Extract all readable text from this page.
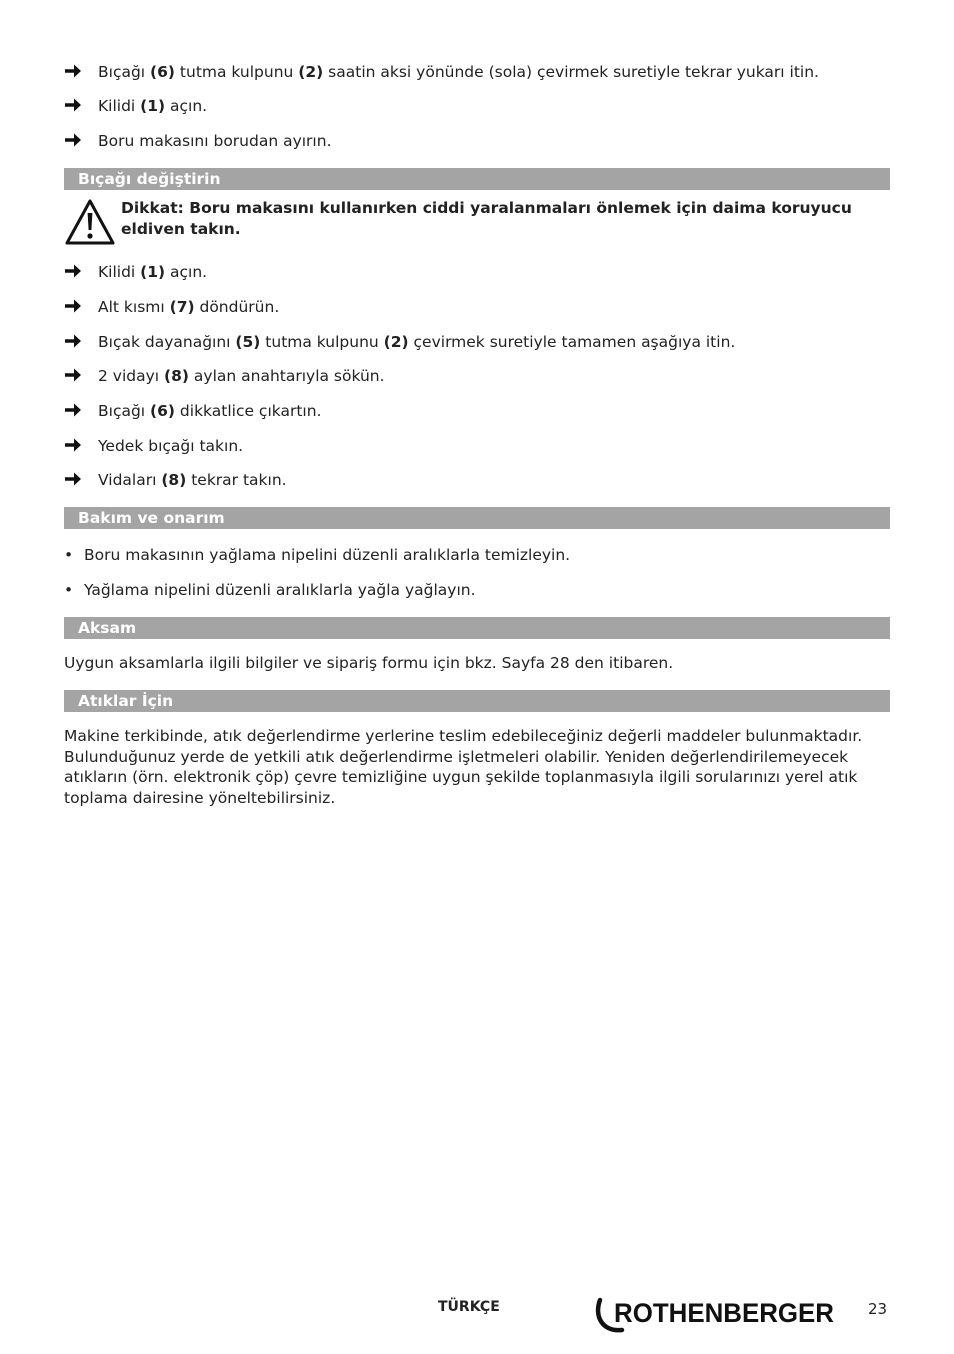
Bıçağı (6) tutma kulpunu (2) saatin aksi yönünde (sola) çevirmek suretiyle tekrar yukarı itin.
Kilidi (1) açın.
Boru makasını borudan ayırın.
Bıçağı değiştirin
Dikkat: Boru makasını kullanırken ciddi yaralanmaları önlemek için daima koruyucu eldiven takın.
Kilidi (1) açın.
Alt kısmı (7) döndürün.
Bıçak dayanağını (5) tutma kulpunu (2) çevirmek suretiyle tamamen aşağıya itin.
2 vidayı (8) aylan anahtarıyla sökün.
Bıçağı (6) dikkatlice çıkartın.
Yedek bıçağı takın.
Vidaları (8) tekrar takın.
Bakım ve onarım
• Boru makasının yağlama nipelini düzenli aralıklarla temizleyin.
• Yağlama nipelini düzenli aralıklarla yağla yağlayın.
Aksam
Uygun aksamlarla ilgili bilgiler ve sipariş formu için bkz. Sayfa 28 den itibaren.
Atıklar İçin
Makine terkibinde, atık değerlendirme yerlerine teslim edebileceğiniz değerli maddeler bulunmaktadır.
Bulunduğunuz yerde de yetkili atık değerlendirme işletmeleri olabilir. Yeniden değerlendirilemeyecek
atıkların (örn. elektronik çöp) çevre temizliğine uygun şekilde toplanmasıyla ilgili sorularınızı yerel atık
toplama dairesine yöneltebilirsiniz.
TÜRKÇE	ROTHENBERGER 23
